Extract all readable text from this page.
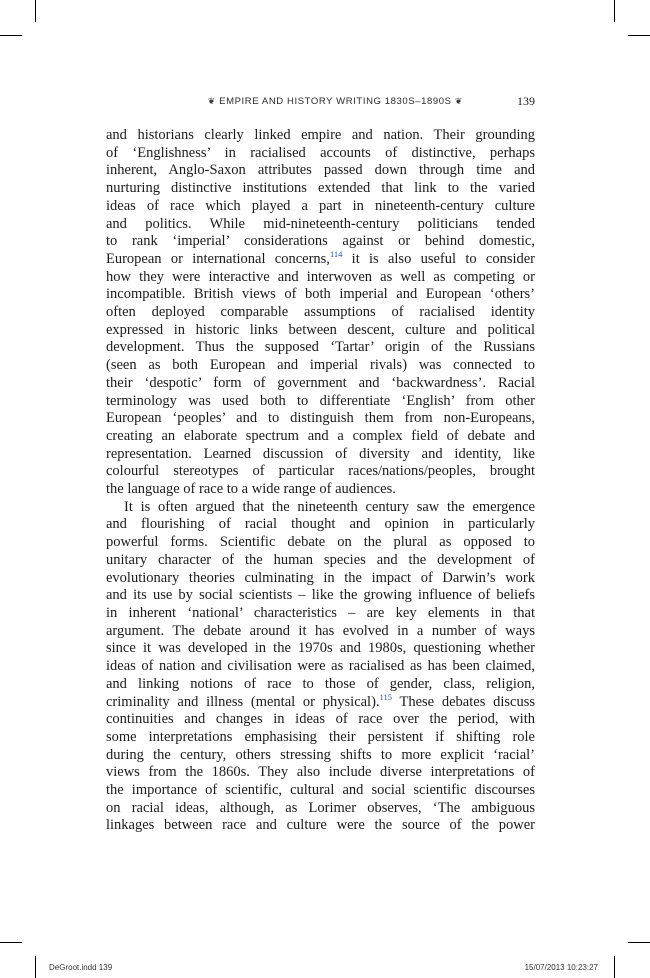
❦ EMPIRE AND HISTORY WRITING 1830S–1890S ❦	139

and historians clearly linked empire and nation. Their grounding
of ‘Englishness’ in racialised accounts of distinctive, perhaps
inherent, Anglo-Saxon attributes passed down through time and
nurturing distinctive institutions extended that link to the varied
ideas of race which played a part in nineteenth-century culture
and politics. While mid-nineteenth-century politicians tended
to rank ‘imperial’ considerations against or behind domestic,
European or international concerns,$^{114}$ it is also useful to consider
how they were interactive and interwoven as well as competing or
incompatible. British views of both imperial and European ‘others’
often deployed comparable assumptions of racialised identity
expressed in historic links between descent, culture and political
development. Thus the supposed ‘Tartar’ origin of the Russians
(seen as both European and imperial rivals) was connected to
their ‘despotic’ form of government and ‘backwardness’. Racial
terminology was used both to differentiate ‘English’ from other
European ‘peoples’ and to distinguish them from non-Europeans,
creating an elaborate spectrum and a complex field of debate and
representation. Learned discussion of diversity and identity, like
colourful stereotypes of particular races/nations/peoples, brought
the language of race to a wide range of audiences.

It is often argued that the nineteenth century saw the emergence
and flourishing of racial thought and opinion in particularly
powerful forms. Scientific debate on the plural as opposed to
unitary character of the human species and the development of
evolutionary theories culminating in the impact of Darwin’s work
and its use by social scientists – like the growing influence of beliefs
in inherent ‘national’ characteristics – are key elements in that
argument. The debate around it has evolved in a number of ways
since it was developed in the 1970s and 1980s, questioning whether
ideas of nation and civilisation were as racialised as has been claimed,
and linking notions of race to those of gender, class, religion,
criminality and illness (mental or physical).$^{115}$ These debates discuss
continuities and changes in ideas of race over the period, with
some interpretations emphasising their persistent if shifting role
during the century, others stressing shifts to more explicit ‘racial’
views from the 1860s. They also include diverse interpretations of
the importance of scientific, cultural and social scientific discourses
on racial ideas, although, as Lorimer observes, ‘The ambiguous
linkages between race and culture were the source of the power

DeGroot.indd 139	15/07/2013 10:23:27
